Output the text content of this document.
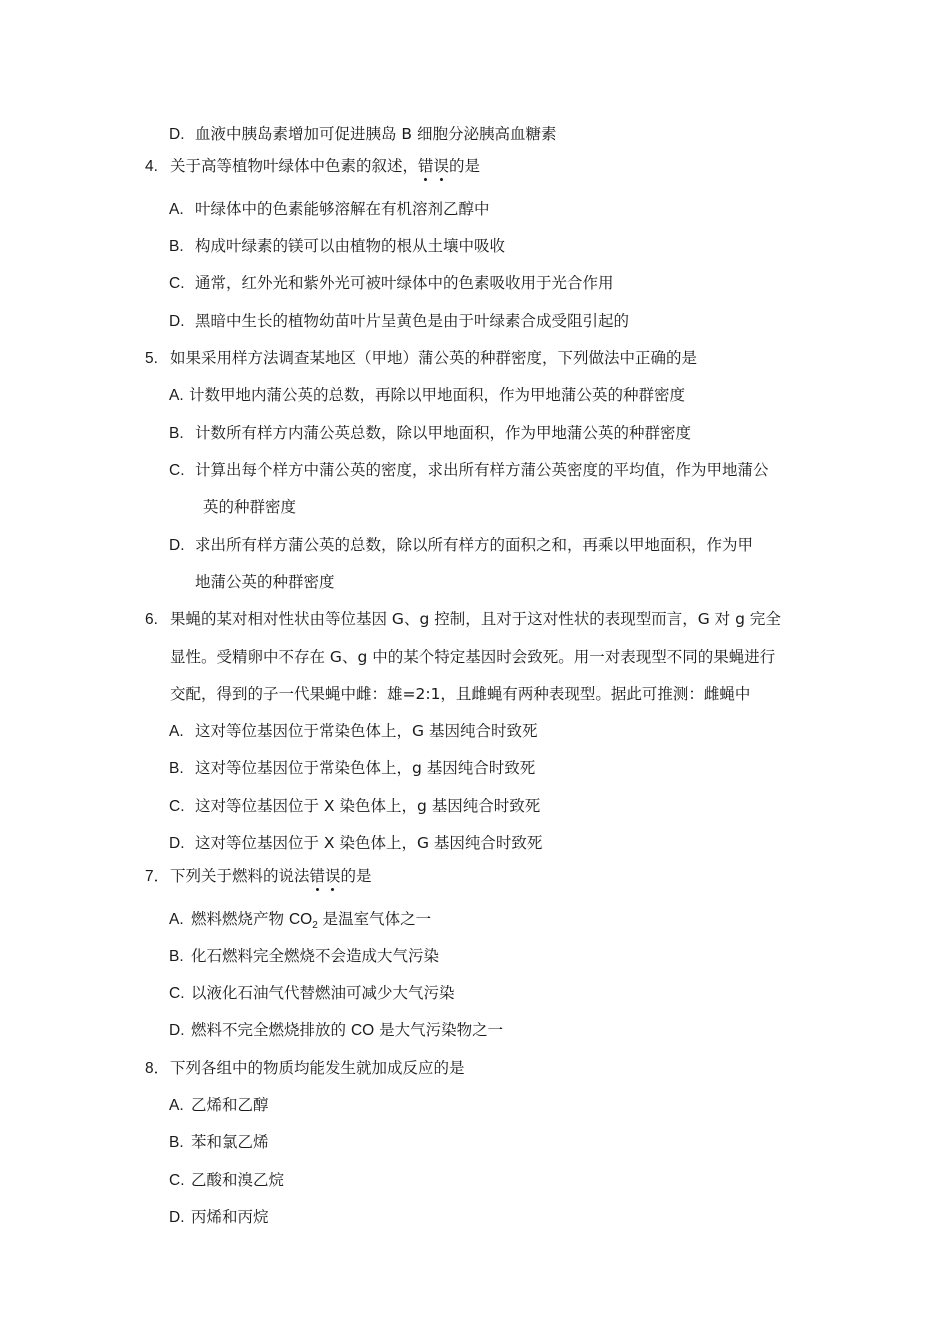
D. 血液中胰岛素增加可促进胰岛 B 细胞分泌胰高血糖素
4. 关于高等植物叶绿体中色素的叙述，错误的是
A. 叶绿体中的色素能够溶解在有机溶剂乙醇中
B. 构成叶绿素的镁可以由植物的根从土壤中吸收
C. 通常，红外光和紫外光可被叶绿体中的色素吸收用于光合作用
D. 黑暗中生长的植物幼苗叶片呈黄色是由于叶绿素合成受阻引起的
5. 如果采用样方法调查某地区（甲地）蒲公英的种群密度，下列做法中正确的是
A. 计数甲地内蒲公英的总数，再除以甲地面积，作为甲地蒲公英的种群密度
B. 计数所有样方内蒲公英总数，除以甲地面积，作为甲地蒲公英的种群密度
C. 计算出每个样方中蒲公英的密度，求出所有样方蒲公英密度的平均值，作为甲地蒲公
英的种群密度
D. 求出所有样方蒲公英的总数，除以所有样方的面积之和，再乘以甲地面积，作为甲
地蒲公英的种群密度
6. 果蝇的某对相对性状由等位基因 G、g 控制，且对于这对性状的表现型而言，G 对 g 完全
显性。受精卵中不存在 G、g 中的某个特定基因时会致死。用一对表现型不同的果蝇进行
交配，得到的子一代果蝇中雌：雄=2:1，且雌蝇有两种表现型。据此可推测：雌蝇中
A. 这对等位基因位于常染色体上，G 基因纯合时致死
B. 这对等位基因位于常染色体上，g 基因纯合时致死
C. 这对等位基因位于 X 染色体上，g 基因纯合时致死
D. 这对等位基因位于 X 染色体上，G 基因纯合时致死
7．下列关于燃料的说法错误的是
A. 燃料燃烧产物 $CO_2$ 是温室气体之一
B. 化石燃料完全燃烧不会造成大气污染
C. 以液化石油气代替燃油可减少大气污染
D. 燃料不完全燃烧排放的 CO 是大气污染物之一
8．下列各组中的物质均能发生就加成反应的是
A. 乙烯和乙醇
B. 苯和氯乙烯
C. 乙酸和溴乙烷
D. 丙烯和丙烷
